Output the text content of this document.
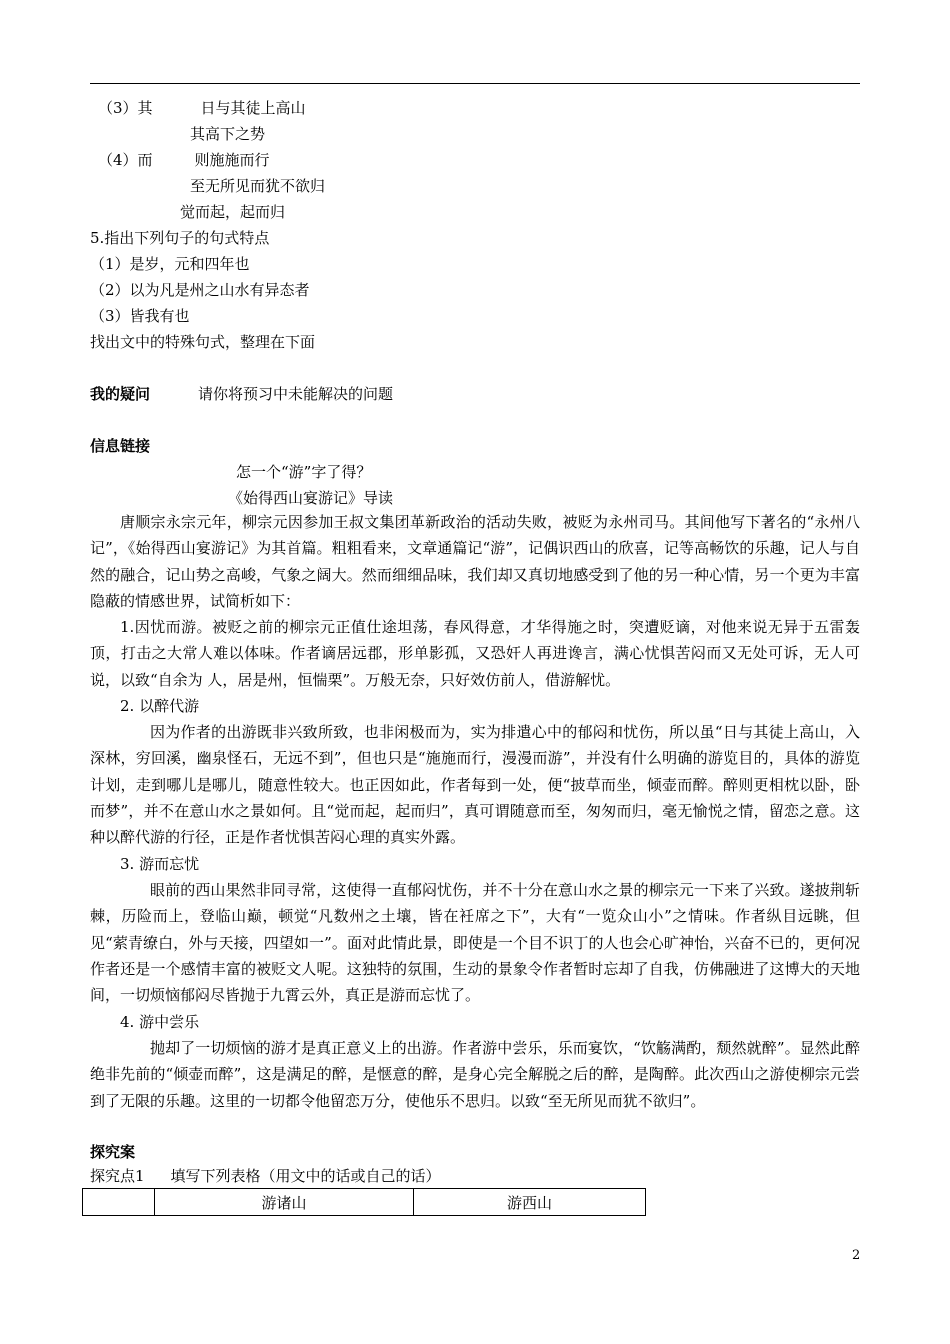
（3）其	日与其徒上高山
其高下之势
（4）而	则施施而行
至无所见而犹不欲归
觉而起，起而归
5.指出下列句子的句式特点
（1）是岁，元和四年也
（2）以为凡是州之山水有异态者
（3）皆我有也
找出文中的特殊句式，整理在下面
我的疑问	请你将预习中未能解决的问题
信息链接
怎一个“游”字了得？
《始得西山宴游记》导读
唐顺宗永宗元年，柳宗元因参加王叔文集团革新政治的活动失败，被贬为永州司马。其间他写下著名的“永州八记”，《始得西山宴游记》为其首篇。粗粗看来，文章通篇记“游”，记偶识西山的欣喜，记等高畅饮的乐趣，记人与自然的融合，记山势之高峻，气象之阔大。然而细细品味，我们却又真切地感受到了他的另一种心情，另一个更为丰富隐蔽的情感世界，试简析如下：
1.因忧而游。被贬之前的柳宗元正值仕途坦荡，春风得意，才华得施之时，突遭贬谪，对他来说无异于五雷轰顶，打击之大常人难以体味。作者谪居远郡，形单影孤，又恐奸人再进谗言，满心忧惧苦闷而又无处可诉，无人可说，以致“自余为 人，居是州，恒惴栗”。万般无奈，只好效仿前人，借游解忧。
2. 以醉代游
因为作者的出游既非兴致所致，也非闲极而为，实为排遣心中的郁闷和忧伤，所以虽“日与其徒上高山，入深林，穷回溪，幽泉怪石，无远不到”，但也只是“施施而行，漫漫而游”，并没有什么明确的游览目的，具体的游览计划，走到哪儿是哪儿，随意性较大。也正因如此，作者每到一处，便“披草而坐，倾壶而醉。醉则更相枕以卧，卧而梦”，并不在意山水之景如何。且“觉而起，起而归”，真可谓随意而至，匆匆而归，毫无愉悦之情，留恋之意。这种以醉代游的行径，正是作者忧惧苦闷心理的真实外露。
3. 游而忘忧
眼前的西山果然非同寻常，这使得一直郁闷忧伤，并不十分在意山水之景的柳宗元一下来了兴致。遂披荆斩棘，历险而上，登临山巅，顿觉“凡数州之土壤，皆在衽席之下”，大有“一览众山小”之情味。作者纵目远眺，但见“萦青缭白，外与天接，四望如一”。面对此情此景，即使是一个目不识丁的人也会心旷神怡，兴奋不已的，更何况作者还是一个感情丰富的被贬文人呢。这独特的氛围，生动的景象令作者暂时忘却了自我，仿佛融进了这博大的天地间，一切烦恼郁闷尽皆抛于九霄云外，真正是游而忘忧了。
4. 游中尝乐
抛却了一切烦恼的游才是真正意义上的出游。作者游中尝乐，乐而宴饮，“饮觞满酌，颓然就醉”。显然此醉绝非先前的“倾壶而醉”，这是满足的醉，是惬意的醉，是身心完全解脱之后的醉，是陶醉。此次西山之游使柳宗元尝到了无限的乐趣。这里的一切都令他留恋万分，使他乐不思归。以致“至无所见而犹不欲归”。
探究案
探究点1 填写下列表格（用文中的话或自己的话）
	游诸山	游西山
2
